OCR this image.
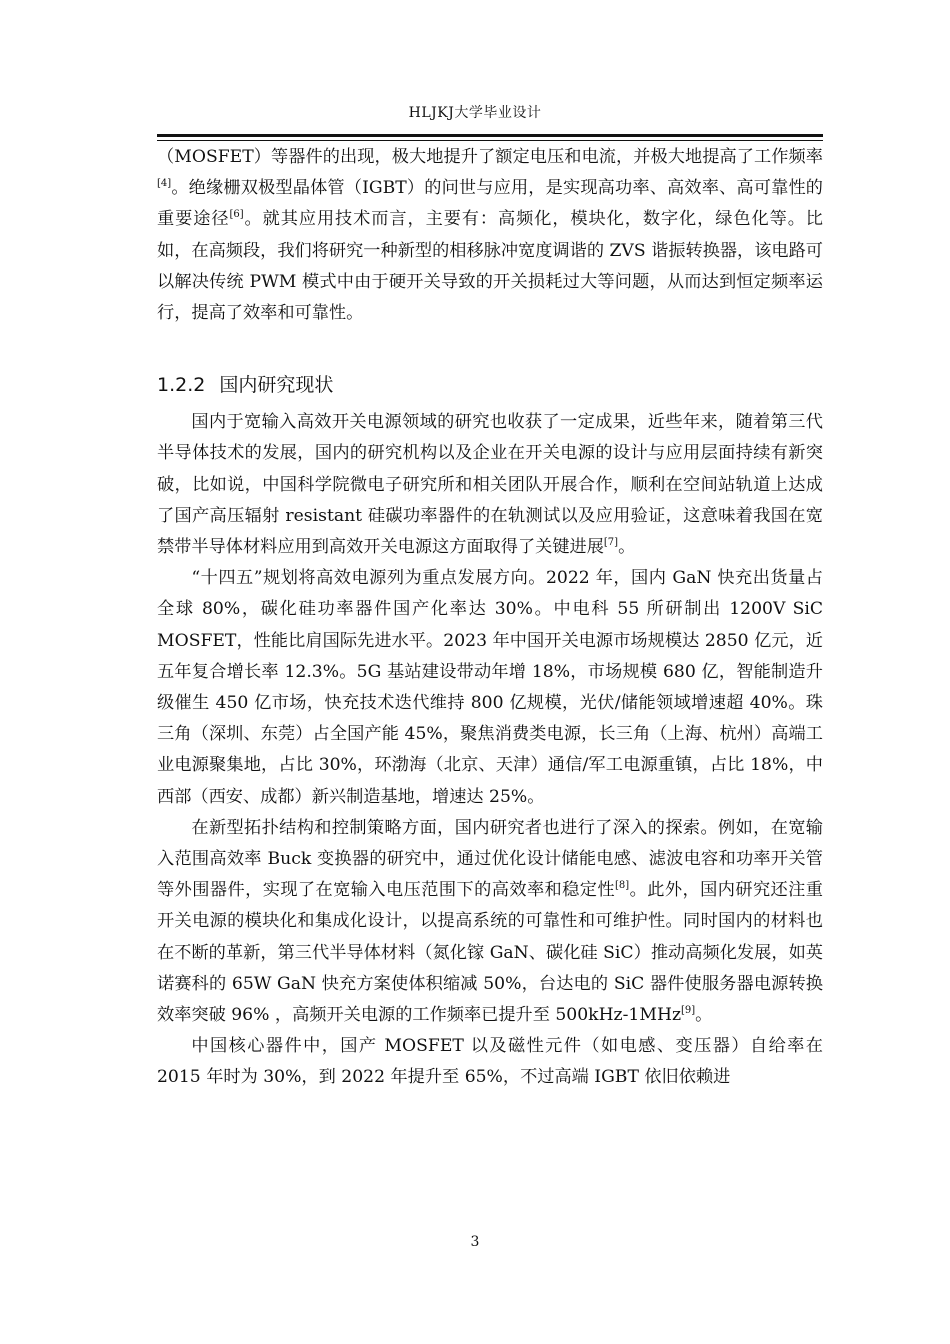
HLJKJ大学毕业设计

（MOSFET）等器件的出现，极大地提升了额定电压和电流，并极大地提高了工作频率[4]。绝缘栅双极型晶体管（IGBT）的问世与应用，是实现高功率、高效率、高可靠性的重要途径[6]。就其应用技术而言，主要有：高频化，模块化，数字化，绿色化等。比如，在高频段，我们将研究一种新型的相移脉冲宽度调谐的 ZVS 谐振转换器，该电路可以解决传统 PWM 模式中由于硬开关导致的开关损耗过大等问题，从而达到恒定频率运行，提高了效率和可靠性。

1.2.2 国内研究现状

国内于宽输入高效开关电源领域的研究也收获了一定成果，近些年来，随着第三代半导体技术的发展，国内的研究机构以及企业在开关电源的设计与应用层面持续有新突破，比如说，中国科学院微电子研究所和相关团队开展合作，顺利在空间站轨道上达成了国产高压辐射 resistant 硅碳功率器件的在轨测试以及应用验证，这意味着我国在宽禁带半导体材料应用到高效开关电源这方面取得了关键进展[7]。

“十四五”规划将高效电源列为重点发展方向。2022 年，国内 GaN 快充出货量占全球 80%，碳化硅功率器件国产化率达 30%。中电科 55 所研制出 1200V SiC MOSFET，性能比肩国际先进水平。2023 年中国开关电源市场规模达 2850 亿元，近五年复合增长率 12.3%。5G 基站建设带动年增 18%，市场规模 680 亿，智能制造升级催生 450 亿市场，快充技术迭代维持 800 亿规模，光伏/储能领域增速超 40%。珠三角（深圳、东莞）占全国产能 45%，聚焦消费类电源，长三角（上海、杭州）高端工业电源聚集地，占比 30%，环渤海（北京、天津）通信/军工电源重镇，占比 18%，中西部（西安、成都）新兴制造基地，增速达 25%。

在新型拓扑结构和控制策略方面，国内研究者也进行了深入的探索。例如，在宽输入范围高效率 Buck 变换器的研究中，通过优化设计储能电感、滤波电容和功率开关管等外围器件，实现了在宽输入电压范围下的高效率和稳定性[8]。此外，国内研究还注重开关电源的模块化和集成化设计，以提高系统的可靠性和可维护性。同时国内的材料也在不断的革新，第三代半导体材料（氮化镓 GaN、碳化硅 SiC）推动高频化发展，如英诺赛科的 65W GaN 快充方案使体积缩减 50%，台达电的 SiC 器件使服务器电源转换效率突破 96% ，高频开关电源的工作频率已提升至 500kHz-1MHz[9]。

中国核心器件中，国产 MOSFET 以及磁性元件（如电感、变压器）自给率在 2015 年时为 30%，到 2022 年提升至 65%，不过高端 IGBT 依旧依赖进

3
